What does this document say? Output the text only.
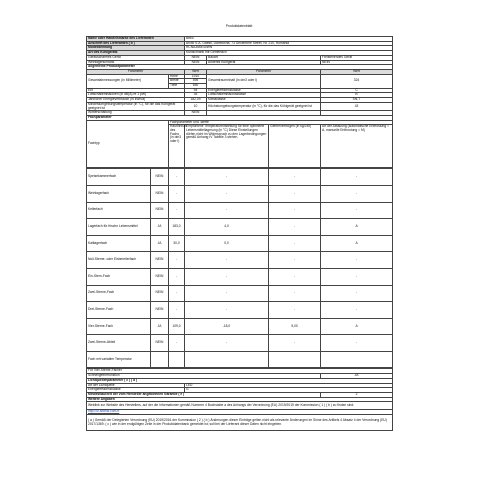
Produktdatenblatt
Name oder Handelsmarke des Lieferanten		Beko			
Anschrift des Lieferanten ( b )		Arctic S.A. Gaesti, Dambovita, 73 Decembrie Street, Nr. 210, Romania			
Modellkennung		RCNA366E40WN			
Art des Kühlgeräts		Kühlschrank mit Gefrierfach			
Geräuscharmes Gerät		NEIN	Bauart		Freistehendes Gerät
Weinlagerschrank		NEIN	Anderes Kühlgerät		NEIN
Allgemeine Produktparameter					
Parameter		Wert	Parameter		Wert
Gesamtabmessungen (in Millimeter)	Höhe	1910	Gesamtrauminhalt (in dm3 oder l)		324
	Breite	595			
	Tiefe	650			
EEI		94	Energieeffizienzklasse		C
Luftschallemissionen (in dB(A) re 1 pW)		35	Luftschallemissionsklasse		B
Jährlicher Energieverbrauch (in kWh/a)		182,09	Klimaklasse		SN-T
Mindestumgebungstemperatur (in °C), für die das Kühlgerät geeignet ist		10	Höchstumgebungstemperatur (in °C), für die das Kühlgerät geeignet ist		43
Winterschaltung		NEIN			
Fachparameter					
Fachtyp	Fachparameter und -werte				
	Rauminhalt des Fachs (in dm3 oder l)	Empfohlene Temperatureinstellung für eine optimierte Lebensmittellagerung (in °C) Diese Einstellungen dürfen nicht im Widerspruch zu den Lagerbedingungen gemäß Anhang IV Tabelle 3 stehen.		Gefriervermögen (in kg/24h)	Art der Abtauung (automatische Entfrostung = A, manuelle Entfrostung = M)
Speisekammerfach	NEIN	-	-	-	-
Weinlagerfach	NEIN	-	-	-	-
Kellerfach	NEIN	-	-	-	-
Lagerfach für frische Lebensmittel	JA	183,0	4,0	-	A
Kaltlagerfach	JA	30,0	0,0	-	A
Null-Sterne- oder Eisbereiterfach	NEIN	-	-	-	-
Ein-Stern-Fach	NEIN	-	-	-	-
Zwei-Sterne-Fach	NEIN	-	-	-	-
Drei-Sterne-Fach	NEIN	-	-	-	-
Vier-Sterne-Fach	JA	109,0	-18,0	5,00	A
Zwei-Sterne-Abteil	NEIN	-	-	-	-
Fach mit variabler Temperatur					
Für Vier-Sterne-Fächer		
Schnellgefrierfunktion		JA
Lichtquellenparameter ( c ) ( d )		
Art der Lichtquelle	LED	
Energieeffizienzklasse	G	
Mindestlaufzeit der vom Hersteller angebotenen Garantie ( e )		2
Weitere Angaben		
Weblink zur Website des Herstellers, auf der die Informationen gemäß Nummer 4 Buchstabe a des Anhangs der Verordnung (EU) 2019/2019 der Kommission ( 1 ) ( b ) zu finden sind:		
http://ui.arcelik.com.tr		
( a ) Gemäß der Delegierten Verordnung (EU) 2019/2016 der Kommission ( 2 ) ( b ) Änderungen dieser Einträge gelten nicht als relevante Änderungen im Sinne des Artikels 4 Absatz 4 der Verordnung (EU) 2017/1369. ( c ) wie in der endgültigen Zeile in der Produktdatenbank gemeldet ist; soll bei der Lieferant dieser Daten nicht eingeben.		
